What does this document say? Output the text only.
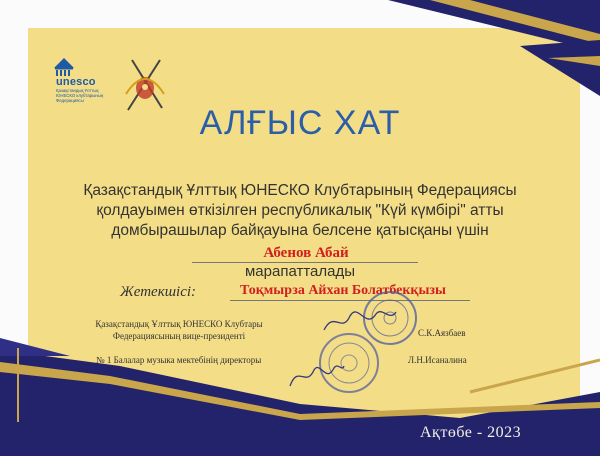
unesco
Қазақстандық Ұлттық ЮНЕСКО клубтарының Федерациясы
АЛҒЫС ХАТ
Қазақстандық Ұлттық ЮНЕСКО Клубтарының Федерациясы
қолдауымен өткізілген республикалық "Күй күмбірі" атты
домбырашылар байқауына белсене қатысқаны үшін
Абенов Абай
марапатталады
Жетекшісі:	Тоқмырза Айхан Болатбекқызы
Қазақстандық Ұлттық ЮНЕСКО Клубтары
Федерациясының вице-президенті	С.К.Аязбаев
№ 1 Балалар музыка мектебінің директоры	Л.Н.Исаналина
Ақтөбе - 2023
